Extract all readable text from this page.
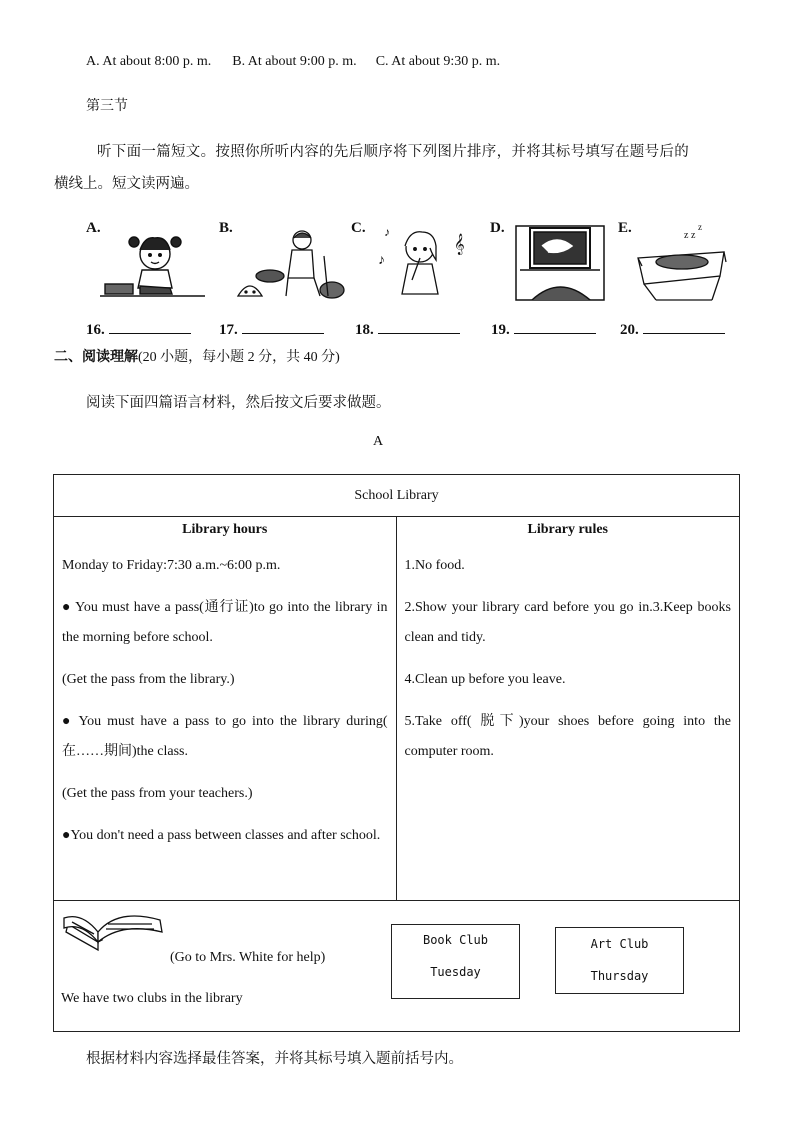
A. At about 8:00 p. m. B. At about 9:00 p. m. C. At about 9:30 p. m.
第三节
听下面一篇短文。按照你所听内容的先后顺序将下列图片排序，并将其标号填写在题号后的
横线上。短文读两遍。
A.	B.	C.	D.	E.
♪
♪
𝄞	z z
z
16.	17.	18.	19.	20.
二、阅读理解(20 小题，每小题 2 分，共 40 分)
阅读下面四篇语言材料，然后按文后要求做题。
A
School Library

Library hours

Monday to Friday:7:30 a.m.~6:00 p.m.

● You must have a pass(通行证)to go into the library in the morning before school.

(Get the pass from the library.)

● You must have a pass to go into the library during( 在……期间)the class.

(Get the pass from your teachers.)

●You don't need a pass between classes and after school.

Library rules

1.No food.

2.Show your library card before you go in.3.Keep books clean and tidy.

4.Clean up before you leave.

5.Take off( 脱下)your shoes before going into the computer room.

(Go to Mrs. White for help)
We have two clubs in the library
Book Club
Tuesday
Art Club
Thursday
根据材料内容选择最佳答案，并将其标号填入题前括号内。
